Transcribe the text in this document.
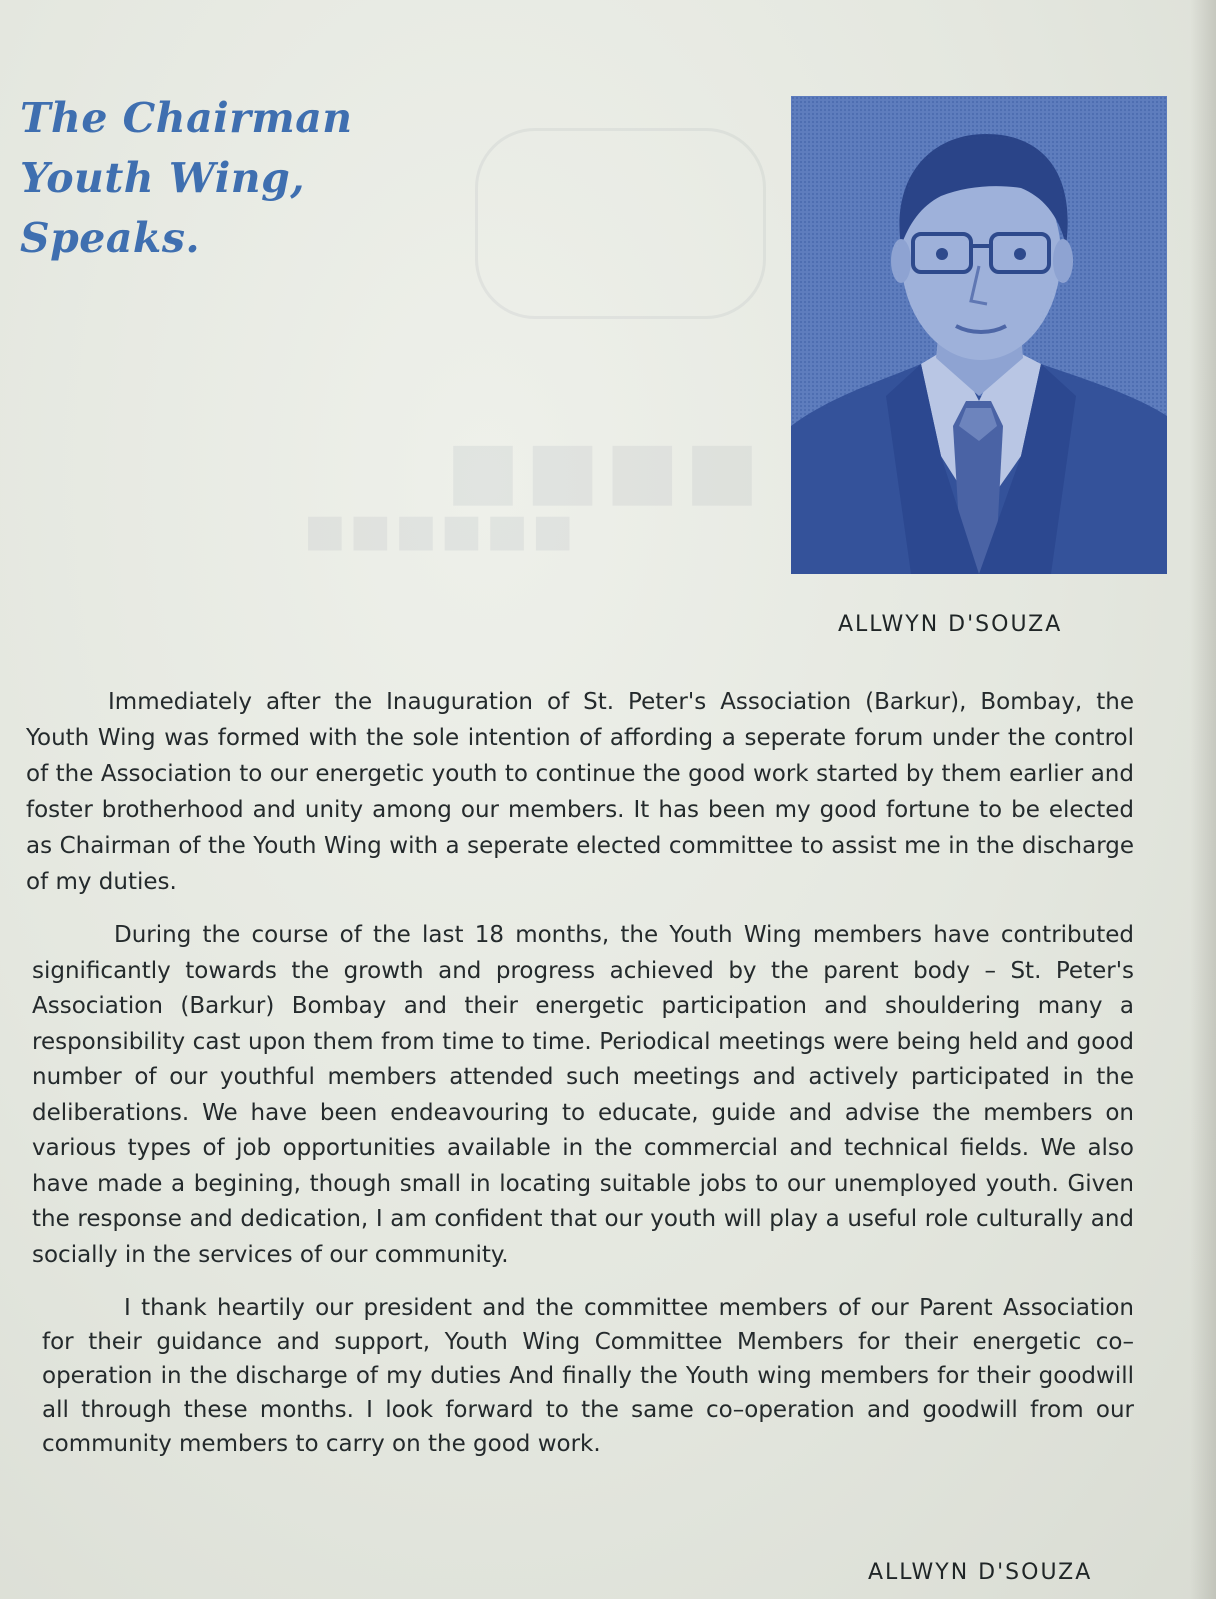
■■■■
■■■■■■
The Chairman
Youth Wing,
Speaks.
ALLWYN D'SOUZA

Immediately after the Inauguration of St. Peter's Association (Barkur), Bombay, the Youth Wing was formed with the sole intention of affording a seperate forum under the control of the Association to our energetic youth to continue the good work started by them earlier and foster brotherhood and unity among our members. It has been my good fortune to be elected as Chairman of the Youth Wing with a seperate elected committee to assist me in the discharge of my duties.

During the course of the last 18 months, the Youth Wing members have contributed significantly towards the growth and progress achieved by the parent body – St. Peter's Association (Barkur) Bombay and their energetic participation and shouldering many a responsibility cast upon them from time to time. Periodical meetings were being held and good number of our youthful members attended such meetings and actively participated in the deliberations. We have been endeavouring to educate, guide and advise the members on various types of job opportunities available in the commercial and technical fields. We also have made a begining, though small in locating suitable jobs to our unemployed youth. Given the response and dedication, I am confident that our youth will play a useful role culturally and socially in the services of our community.

I thank heartily our president and the committee members of our Parent Association for their guidance and support, Youth Wing Committee Members for their energetic co–operation in the discharge of my duties And finally the Youth wing members for their goodwill all through these months. I look forward to the same co–operation and goodwill from our community members to carry on the good work.

ALLWYN D'SOUZA
